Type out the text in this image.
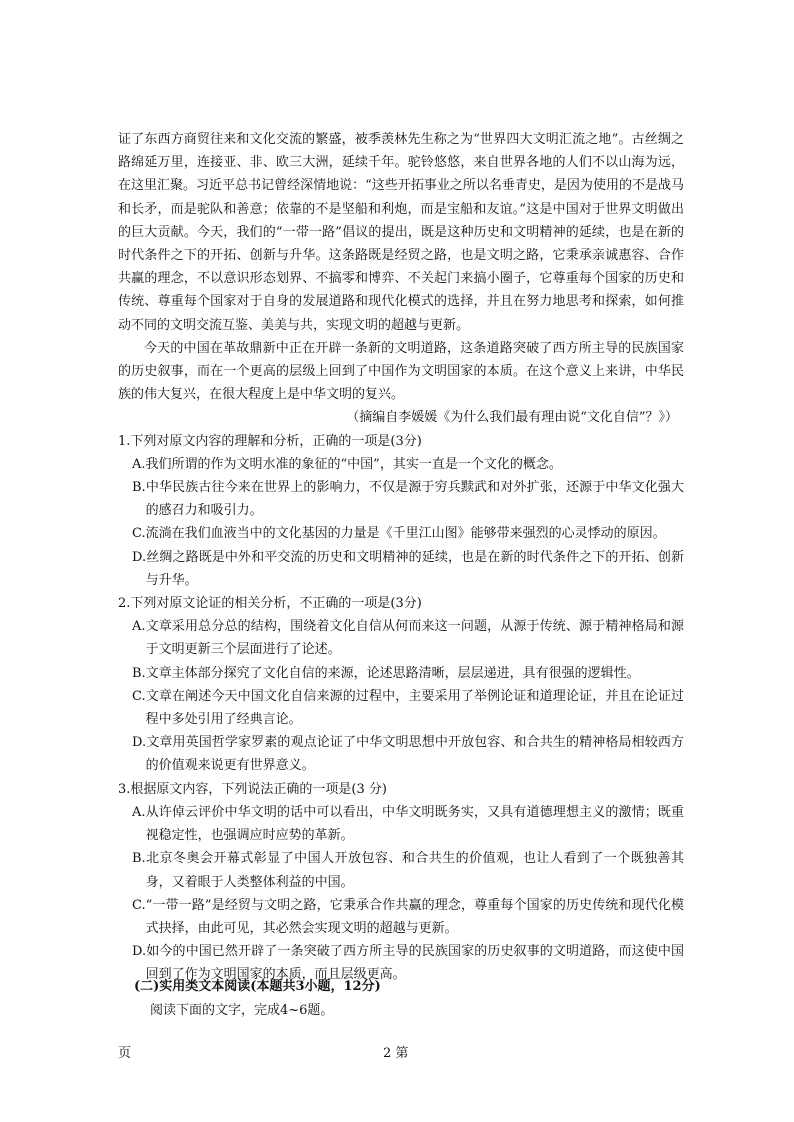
证了东西方商贸往来和文化交流的繁盛，被季羡林先生称之为“世界四大文明汇流之地”。古丝绸之路绵延万里，连接亚、非、欧三大洲，延续千年。驼铃悠悠，来自世界各地的人们不以山海为远，在这里汇聚。习近平总书记曾经深情地说：“这些开拓事业之所以名垂青史，是因为使用的不是战马和长矛，而是驼队和善意；依靠的不是坚船和利炮，而是宝船和友谊。”这是中国对于世界文明做出的巨大贡献。今天，我们的“一带一路”倡议的提出，既是这种历史和文明精神的延续，也是在新的时代条件之下的开拓、创新与升华。这条路既是经贸之路，也是文明之路，它秉承亲诚惠容、合作共赢的理念，不以意识形态划界、不搞零和博弈、不关起门来搞小圈子，它尊重每个国家的历史和传统、尊重每个国家对于自身的发展道路和现代化模式的选择，并且在努力地思考和探索，如何推动不同的文明交流互鉴、美美与共，实现文明的超越与更新。

今天的中国在革故鼎新中正在开辟一条新的文明道路，这条道路突破了西方所主导的民族国家的历史叙事，而在一个更高的层级上回到了中国作为文明国家的本质。在这个意义上来讲，中华民族的伟大复兴，在很大程度上是中华文明的复兴。

（摘编自李媛媛《为什么我们最有理由说“文化自信”？》）

1.下列对原文内容的理解和分析，正确的一项是(3分)

A.我们所谓的作为文明水准的象征的“中国”，其实一直是一个文化的概念。

B.中华民族古往今来在世界上的影响力，不仅是源于穷兵黩武和对外扩张，还源于中华文化强大的感召力和吸引力。

C.流淌在我们血液当中的文化基因的力量是《千里江山图》能够带来强烈的心灵悸动的原因。

D.丝绸之路既是中外和平交流的历史和文明精神的延续，也是在新的时代条件之下的开拓、创新与升华。

2.下列对原文论证的相关分析，不正确的一项是(3分)

A.文章采用总分总的结构，围绕着文化自信从何而来这一问题，从源于传统、源于精神格局和源于文明更新三个层面进行了论述。

B.文章主体部分探究了文化自信的来源，论述思路清晰，层层递进，具有很强的逻辑性。

C.文章在阐述今天中国文化自信来源的过程中，主要采用了举例论证和道理论证，并且在论证过程中多处引用了经典言论。

D.文章用英国哲学家罗素的观点论证了中华文明思想中开放包容、和合共生的精神格局相较西方的价值观来说更有世界意义。

3.根据原文内容，下列说法正确的一项是(3 分)

A.从许倬云评价中华文明的话中可以看出，中华文明既务实，又具有道德理想主义的激情；既重视稳定性，也强调应时应势的革新。

B.北京冬奥会开幕式彰显了中国人开放包容、和合共生的价值观，也让人看到了一个既独善其身，又着眼于人类整体利益的中国。

C.“一带一路”是经贸与文明之路，它秉承合作共赢的理念，尊重每个国家的历史传统和现代化模式抉择，由此可见，其必然会实现文明的超越与更新。

D.如今的中国已然开辟了一条突破了西方所主导的民族国家的历史叙事的文明道路，而这使中国回到了作为文明国家的本质，而且层级更高。

(二)实用类文本阅读(本题共3小题，12分)
阅读下面的文字，完成4~6题。
页	2 第
